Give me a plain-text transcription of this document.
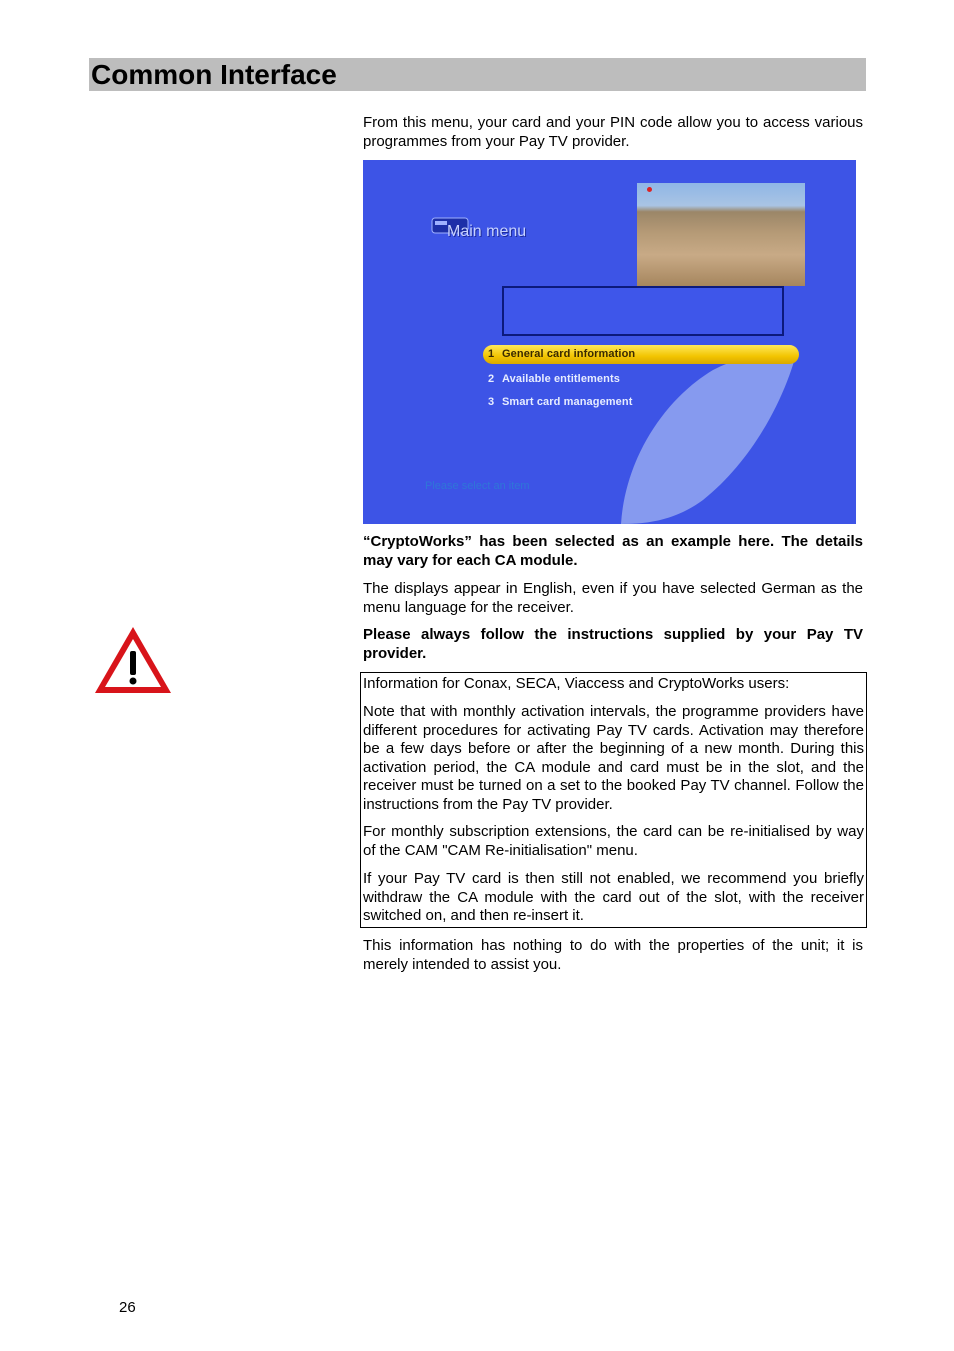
Common Interface

From this menu, your card and your PIN code allow you to access various programmes from your Pay TV provider.

Main menu
1 General card information
2 Available entitlements
3 Smart card management
Please select an item

“CryptoWorks” has been selected as an example here. The details may vary for each CA module.

The displays appear in English, even if you have selected German as the menu language for the receiver.

Please always follow the instructions supplied by your Pay TV provider.

Information for Conax, SECA, Viaccess and CryptoWorks users:

Note that with monthly activation intervals, the programme providers have different procedures for activating Pay TV cards. Activation may therefore be a few days before or after the beginning of a new month. During this activation period, the CA module and card must be in the slot, and the receiver must be turned on a set to the booked Pay TV channel. Follow the instructions from the Pay TV provider.

For monthly subscription extensions, the card can be re-initialised by way of the CAM "CAM Re-initialisation" menu.

If your Pay TV card is then still not enabled, we recommend you briefly withdraw the CA module with the card out of the slot, with the receiver switched on, and then re-insert it.

This information has nothing to do with the properties of the unit; it is merely intended to assist you.

26
